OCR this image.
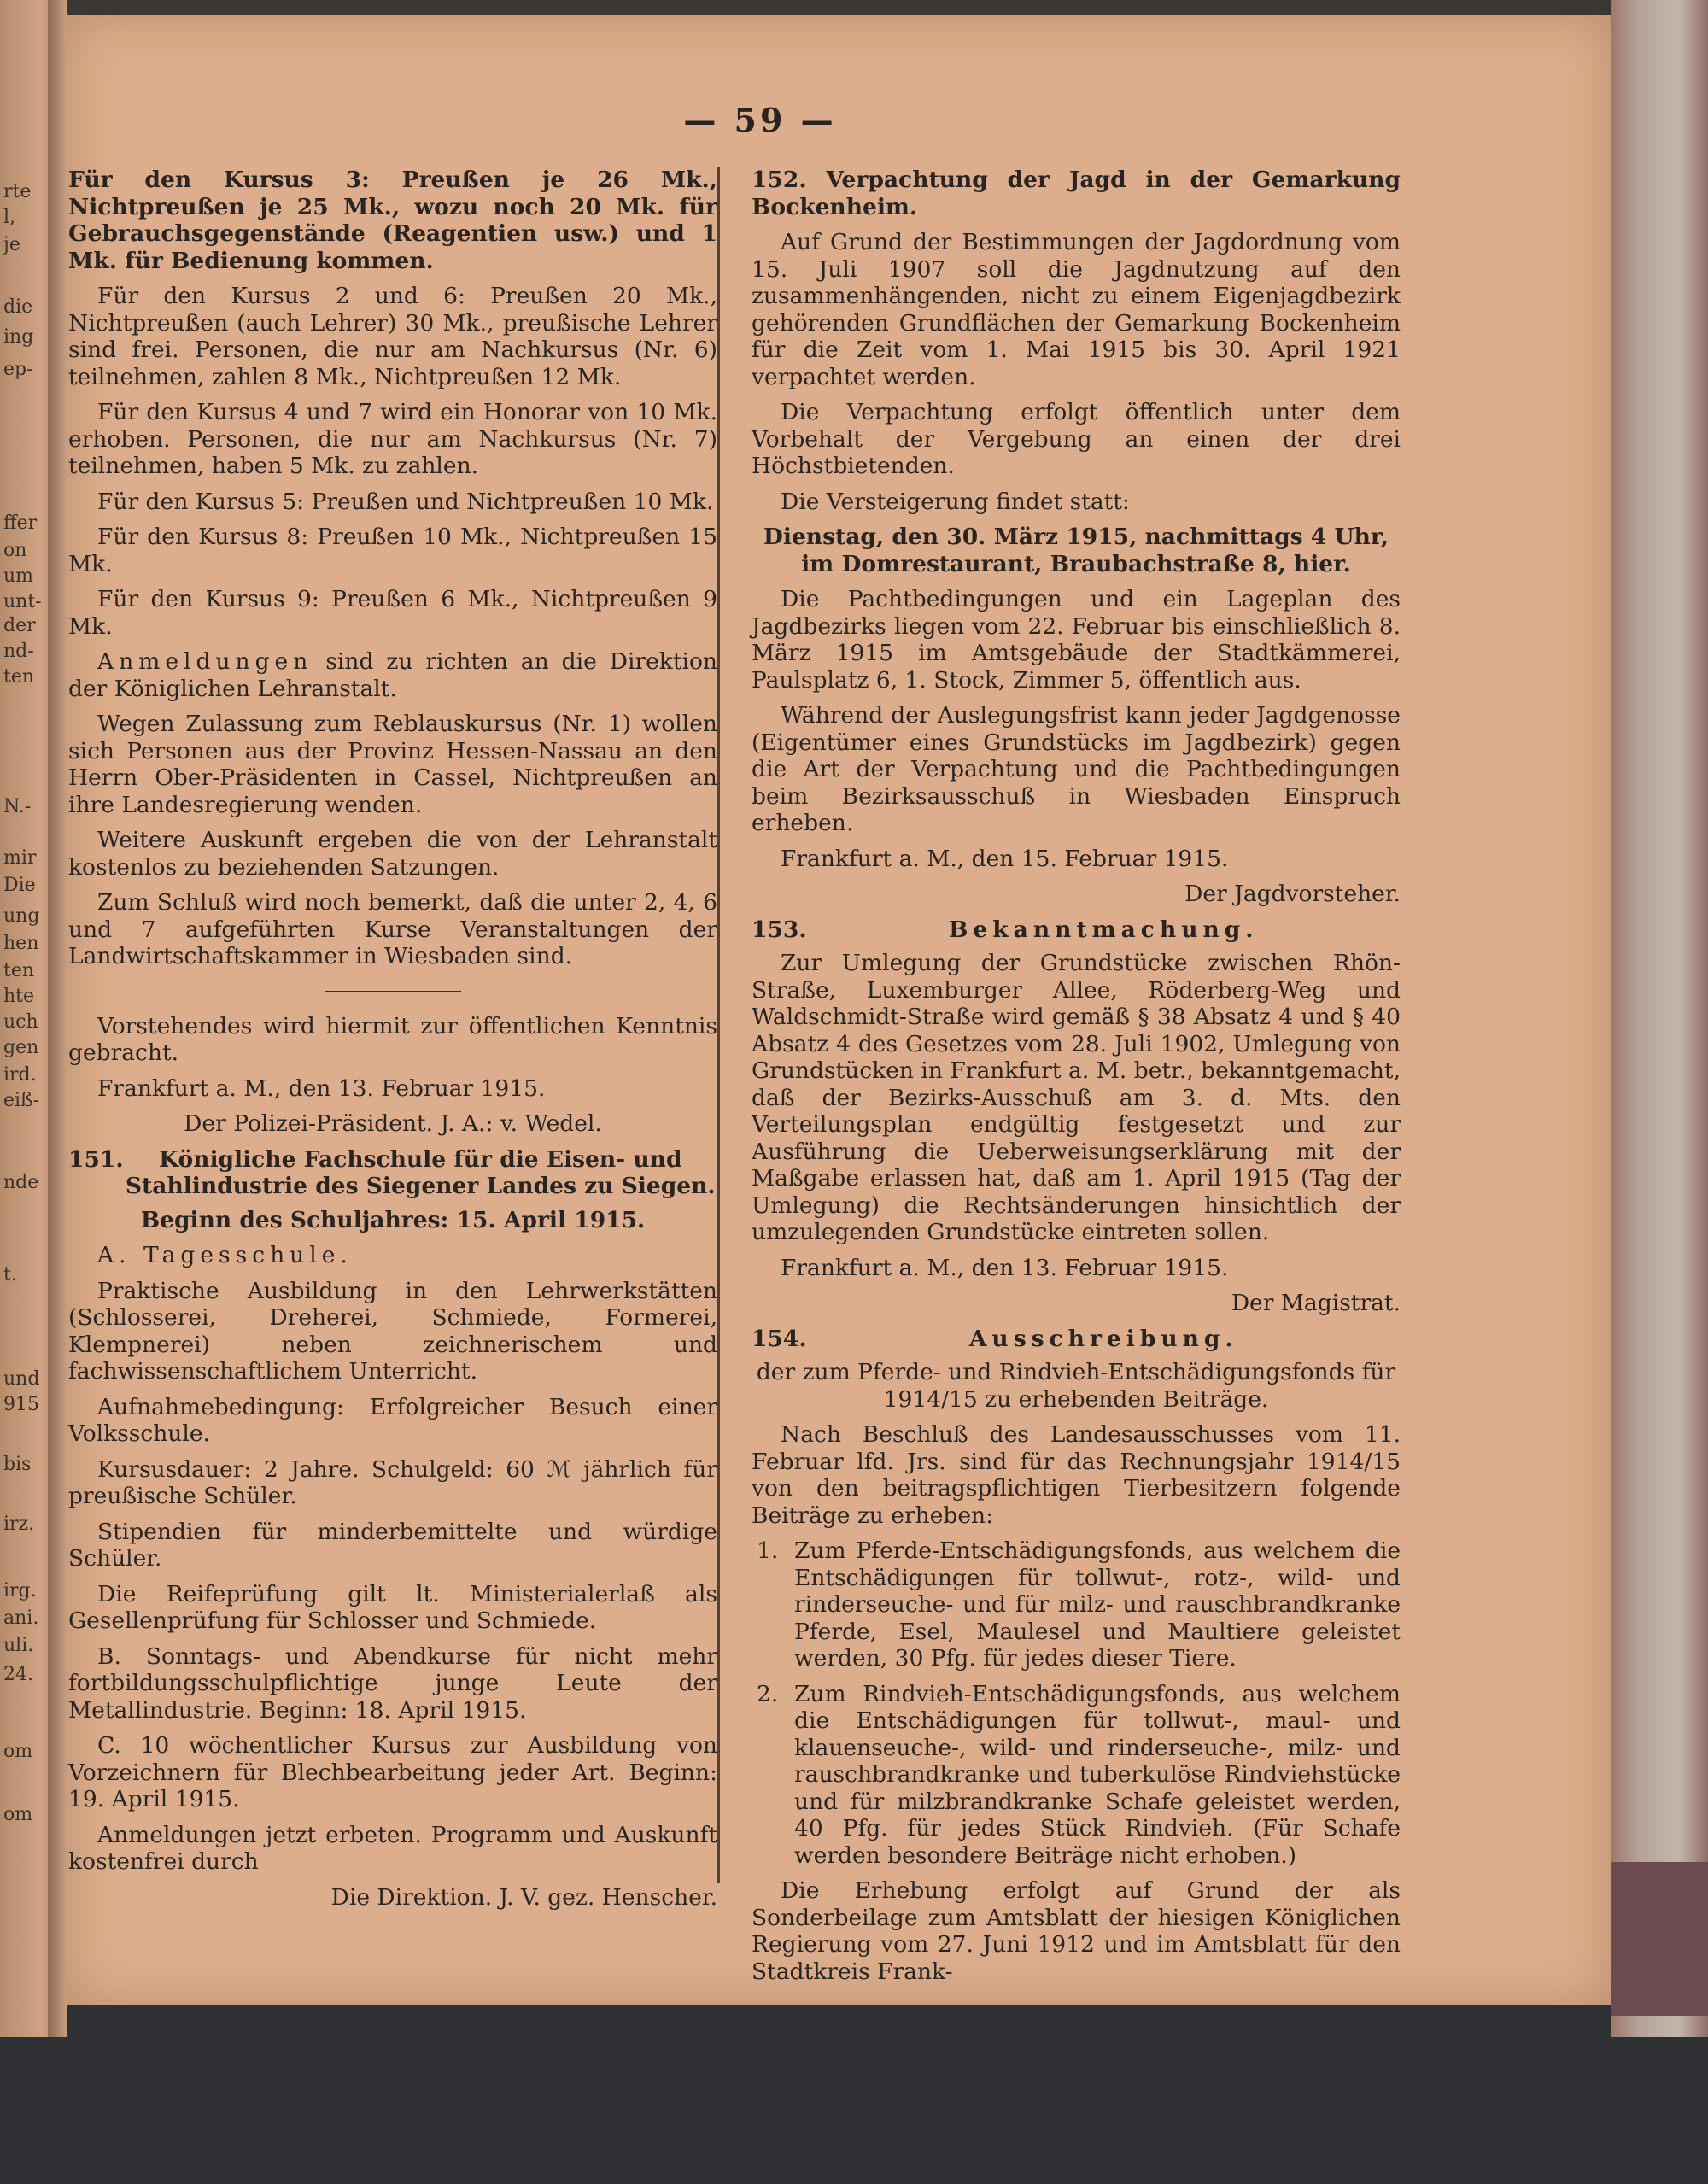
rte
l,
je
die
ing
ep-
ffer
on
um
unt-
der
nd-
ten
N.-
mir
Die
ung
hen
ten
hte
uch
gen
ird.
eiß-
nde
t.
und
915
bis
irz.
irg.
ani.
uli.
24.
om
om
— 59 —

Für den Kursus 3: Preußen je 26 Mk., Nichtpreußen je 25 Mk., wozu noch 20 Mk. für Gebrauchsgegenstände (Reagentien usw.) und 1 Mk. für Bedienung kommen.

Für den Kursus 2 und 6: Preußen 20 Mk., Nichtpreußen (auch Lehrer) 30 Mk., preußische Lehrer sind frei. Personen, die nur am Nachkursus (Nr. 6) teilnehmen, zahlen 8 Mk., Nichtpreußen 12 Mk.

Für den Kursus 4 und 7 wird ein Honorar von 10 Mk. erhoben. Personen, die nur am Nachkursus (Nr. 7) teilnehmen, haben 5 Mk. zu zahlen.

Für den Kursus 5: Preußen und Nichtpreußen 10 Mk.

Für den Kursus 8: Preußen 10 Mk., Nichtpreußen 15 Mk.

Für den Kursus 9: Preußen 6 Mk., Nichtpreußen 9 Mk.

Anmeldungen sind zu richten an die Direktion der Königlichen Lehranstalt.

Wegen Zulassung zum Reblauskursus (Nr. 1) wollen sich Personen aus der Provinz Hessen-Nassau an den Herrn Ober-Präsidenten in Cassel, Nichtpreußen an ihre Landesregierung wenden.

Weitere Auskunft ergeben die von der Lehranstalt kostenlos zu beziehenden Satzungen.

Zum Schluß wird noch bemerkt, daß die unter 2, 4, 6 und 7 aufgeführten Kurse Veranstaltungen der Landwirtschaftskammer in Wiesbaden sind.

Vorstehendes wird hiermit zur öffentlichen Kenntnis gebracht.

Frankfurt a. M., den 13. Februar 1915.

Der Polizei-Präsident. J. A.: v. Wedel.

151.	Königliche Fachschule für die Eisen- und Stahlindustrie des Siegener Landes zu Siegen.

Beginn des Schuljahres: 15. April 1915.

A. Tagesschule.

Praktische Ausbildung in den Lehrwerkstätten (Schlosserei, Dreherei, Schmiede, Formerei, Klempnerei) neben zeichnerischem und fachwissenschaftlichem Unterricht.

Aufnahmebedingung: Erfolgreicher Besuch einer Volksschule.

Kursusdauer: 2 Jahre. Schulgeld: 60 ℳ jährlich für preußische Schüler.

Stipendien für minderbemittelte und würdige Schüler.

Die Reifeprüfung gilt lt. Ministerialerlaß als Gesellenprüfung für Schlosser und Schmiede.

B. Sonntags- und Abendkurse für nicht mehr fortbildungsschulpflichtige junge Leute der Metallindustrie. Beginn: 18. April 1915.

C. 10 wöchentlicher Kursus zur Ausbildung von Vorzeichnern für Blechbearbeitung jeder Art. Beginn: 19. April 1915.

Anmeldungen jetzt erbeten. Programm und Auskunft kostenfrei durch

Die Direktion. J. V. gez. Henscher.

152. Verpachtung der Jagd in der Gemarkung Bockenheim.

Auf Grund der Bestimmungen der Jagdordnung vom 15. Juli 1907 soll die Jagdnutzung auf den zusammenhängenden, nicht zu einem Eigenjagdbezirk gehörenden Grundflächen der Gemarkung Bockenheim für die Zeit vom 1. Mai 1915 bis 30. April 1921 verpachtet werden.

Die Verpachtung erfolgt öffentlich unter dem Vorbehalt der Vergebung an einen der drei Höchstbietenden.

Die Versteigerung findet statt:

Dienstag, den 30. März 1915, nachmittags 4 Uhr,

im Domrestaurant, Braubachstraße 8, hier.

Die Pachtbedingungen und ein Lageplan des Jagdbezirks liegen vom 22. Februar bis einschließlich 8. März 1915 im Amtsgebäude der Stadtkämmerei, Paulsplatz 6, 1. Stock, Zimmer 5, öffentlich aus.

Während der Auslegungsfrist kann jeder Jagdgenosse (Eigentümer eines Grundstücks im Jagdbezirk) gegen die Art der Verpachtung und die Pachtbedingungen beim Bezirksausschuß in Wiesbaden Einspruch erheben.

Frankfurt a. M., den 15. Februar 1915.

Der Jagdvorsteher.

153.	Bekanntmachung.

Zur Umlegung der Grundstücke zwischen Rhön-Straße, Luxemburger Allee, Röderberg-Weg und Waldschmidt-Straße wird gemäß § 38 Absatz 4 und § 40 Absatz 4 des Gesetzes vom 28. Juli 1902, Umlegung von Grundstücken in Frankfurt a. M. betr., bekanntgemacht, daß der Bezirks-Ausschuß am 3. d. Mts. den Verteilungsplan endgültig festgesetzt und zur Ausführung die Ueberweisungserklärung mit der Maßgabe erlassen hat, daß am 1. April 1915 (Tag der Umlegung) die Rechtsänderungen hinsichtlich der umzulegenden Grundstücke eintreten sollen.

Frankfurt a. M., den 13. Februar 1915.

Der Magistrat.

154.	Ausschreibung.

der zum Pferde- und Rindvieh-Entschädigungsfonds für

1914/15 zu erhebenden Beiträge.

Nach Beschluß des Landesausschusses vom 11. Februar lfd. Jrs. sind für das Rechnungsjahr 1914/15 von den beitragspflichtigen Tierbesitzern folgende Beiträge zu erheben:

1. Zum Pferde-Entschädigungsfonds, aus welchem die Entschädigungen für tollwut-, rotz-, wild- und rinderseuche- und für milz- und rauschbrandkranke Pferde, Esel, Maulesel und Maultiere geleistet werden, 30 Pfg. für jedes dieser Tiere.
2. Zum Rindvieh-Entschädigungsfonds, aus welchem die Entschädigungen für tollwut-, maul- und klauenseuche-, wild- und rinderseuche-, milz- und rauschbrandkranke und tuberkulöse Rindviehstücke und für milzbrandkranke Schafe geleistet werden, 40 Pfg. für jedes Stück Rindvieh. (Für Schafe werden besondere Beiträge nicht erhoben.)

Die Erhebung erfolgt auf Grund der als Sonderbeilage zum Amtsblatt der hiesigen Königlichen Regierung vom 27. Juni 1912 und im Amtsblatt für den Stadtkreis Frank-
